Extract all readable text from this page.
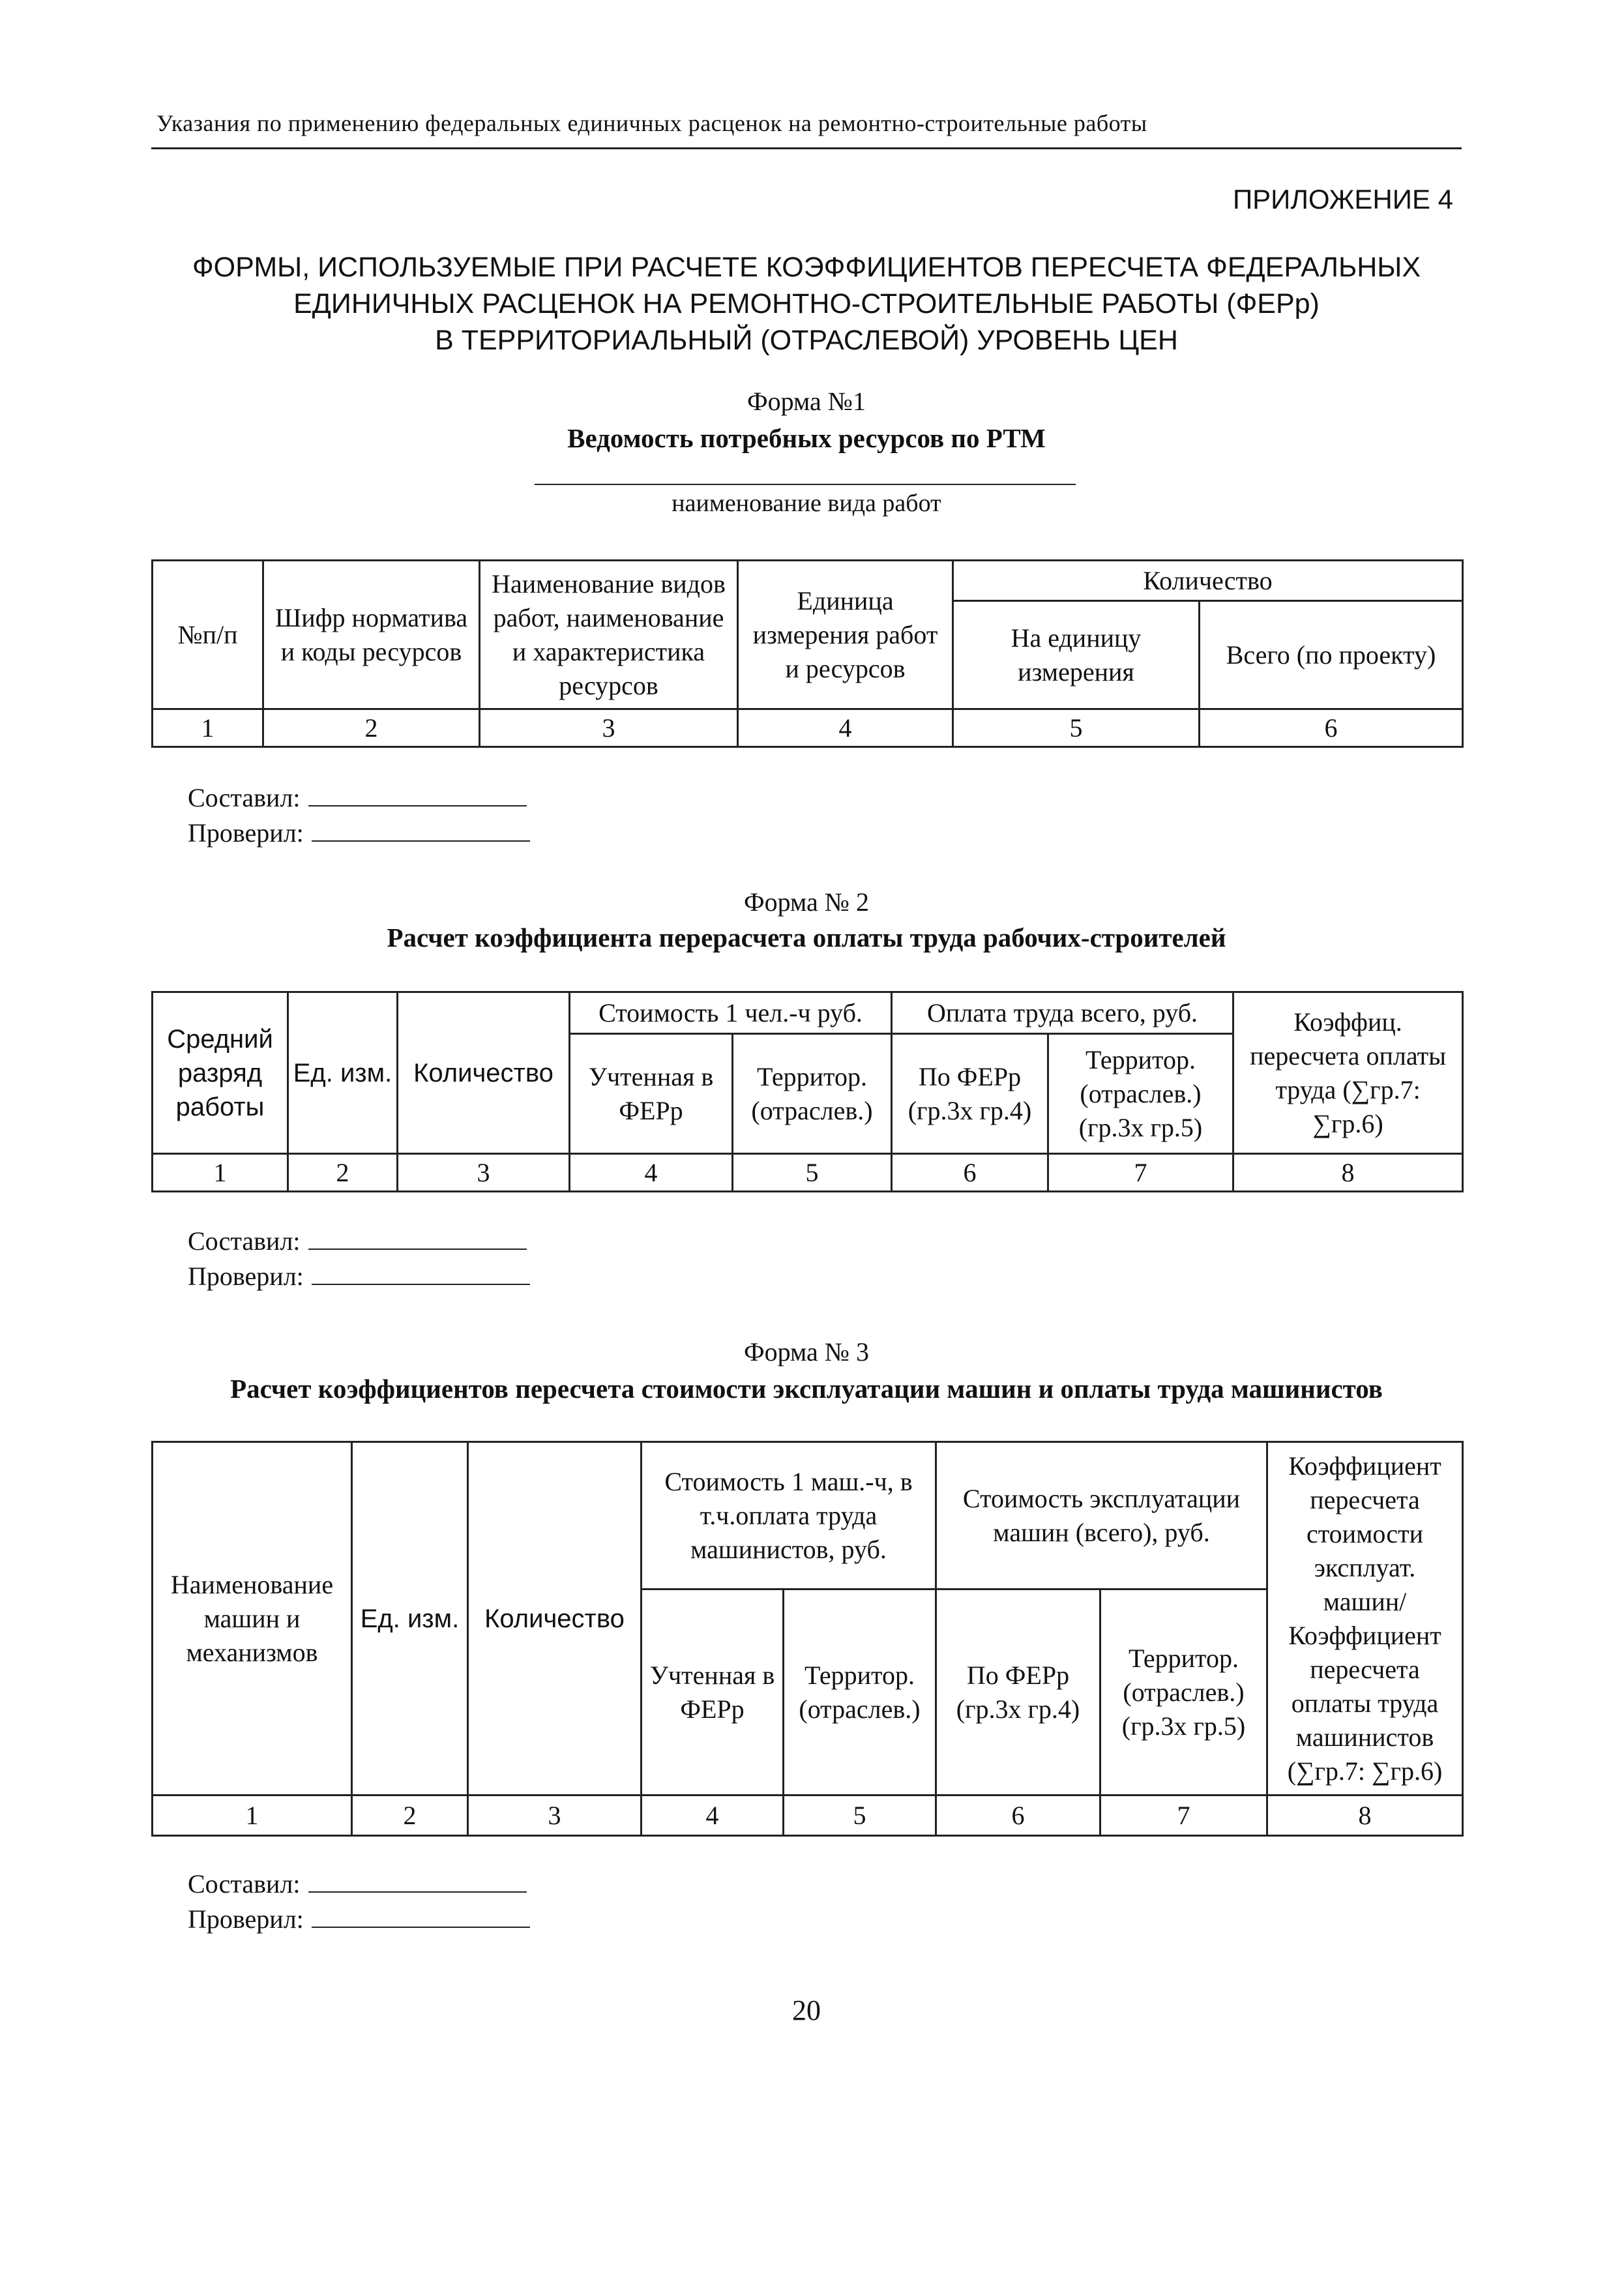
Указания по применению федеральных единичных расценок на ремонтно-строительные работы
ПРИЛОЖЕНИЕ 4
ФОРМЫ, ИСПОЛЬЗУЕМЫЕ ПРИ РАСЧЕТЕ КОЭФФИЦИЕНТОВ ПЕРЕСЧЕТА ФЕДЕРАЛЬНЫХ
ЕДИНИЧНЫХ РАСЦЕНОК НА РЕМОНТНО-СТРОИТЕЛЬНЫЕ РАБОТЫ (ФЕРр)
В ТЕРРИТОРИАЛЬНЫЙ (ОТРАСЛЕВОЙ) УРОВЕНЬ ЦЕН
Форма №1
Ведомость потребных ресурсов по РТМ
наименование вида работ
№п/п	Шифр норматива и коды ресурсов	Наименование видов работ, наименование и характеристика ресурсов	Единица измерения работ и ресурсов	Количество	
				На единицу измерения	Всего (по проекту)
1	2	3	4	5	6
Составил:
Проверил:
Форма № 2
Расчет коэффициента перерасчета оплаты труда рабочих-строителей
Средний разряд работы	Ед. изм.	Количество	Стоимость 1 чел.-ч руб.		Оплата труда всего, руб.		Коэффиц. пересчета оплаты труда (∑гр.7: ∑гр.6)
			Учтенная в ФЕРр	Территор. (отраслев.)	По ФЕРр (гр.3х гр.4)	Территор. (отраслев.) (гр.3х гр.5)	
1	2	3	4	5	6	7	8
Составил:
Проверил:
Форма № 3
Расчет коэффициентов пересчета стоимости эксплуатации машин и оплаты труда машинистов
Наименование машин и механизмов	Ед. изм.	Количество	Стоимость 1 маш.-ч, в т.ч.оплата труда машинистов, руб.		Стоимость эксплуатации машин (всего), руб.		Коэффициент пересчета стоимости эксплуат. машин/ Коэффициент пересчета оплаты труда машинистов (∑гр.7: ∑гр.6)
			Учтенная в ФЕРр	Территор. (отраслев.)	По ФЕРр (гр.3х гр.4)	Территор. (отраслев.) (гр.3х гр.5)	
1	2	3	4	5	6	7	8
Составил:
Проверил:
20
